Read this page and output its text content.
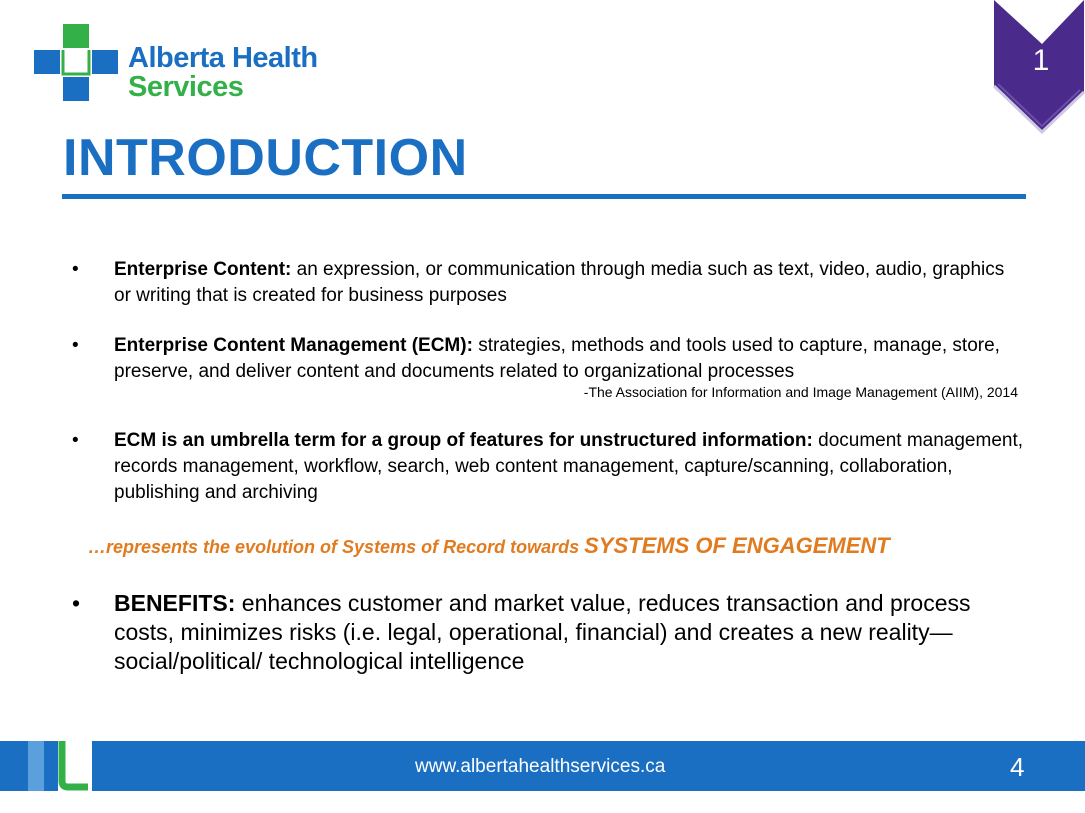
Alberta Health
Services
1
INTRODUCTION
• Enterprise Content: an expression, or communication through media such as text, video, audio, graphics or writing that is created for business purposes
• Enterprise Content Management (ECM): strategies, methods and tools used to capture, manage, store, preserve, and deliver content and documents related to organizational processes
-The Association for Information and Image Management (AIIM), 2014
• ECM is an umbrella term for a group of features for unstructured information: document management, records management, workflow, search, web content management, capture/scanning, collaboration, publishing and archiving
…represents the evolution of Systems of Record towards SYSTEMS OF ENGAGEMENT
• BENEFITS: enhances customer and market value, reduces transaction and process costs, minimizes risks (i.e. legal, operational, financial) and creates a new reality—social/political/ technological intelligence
www.albertahealthservices.ca	4
